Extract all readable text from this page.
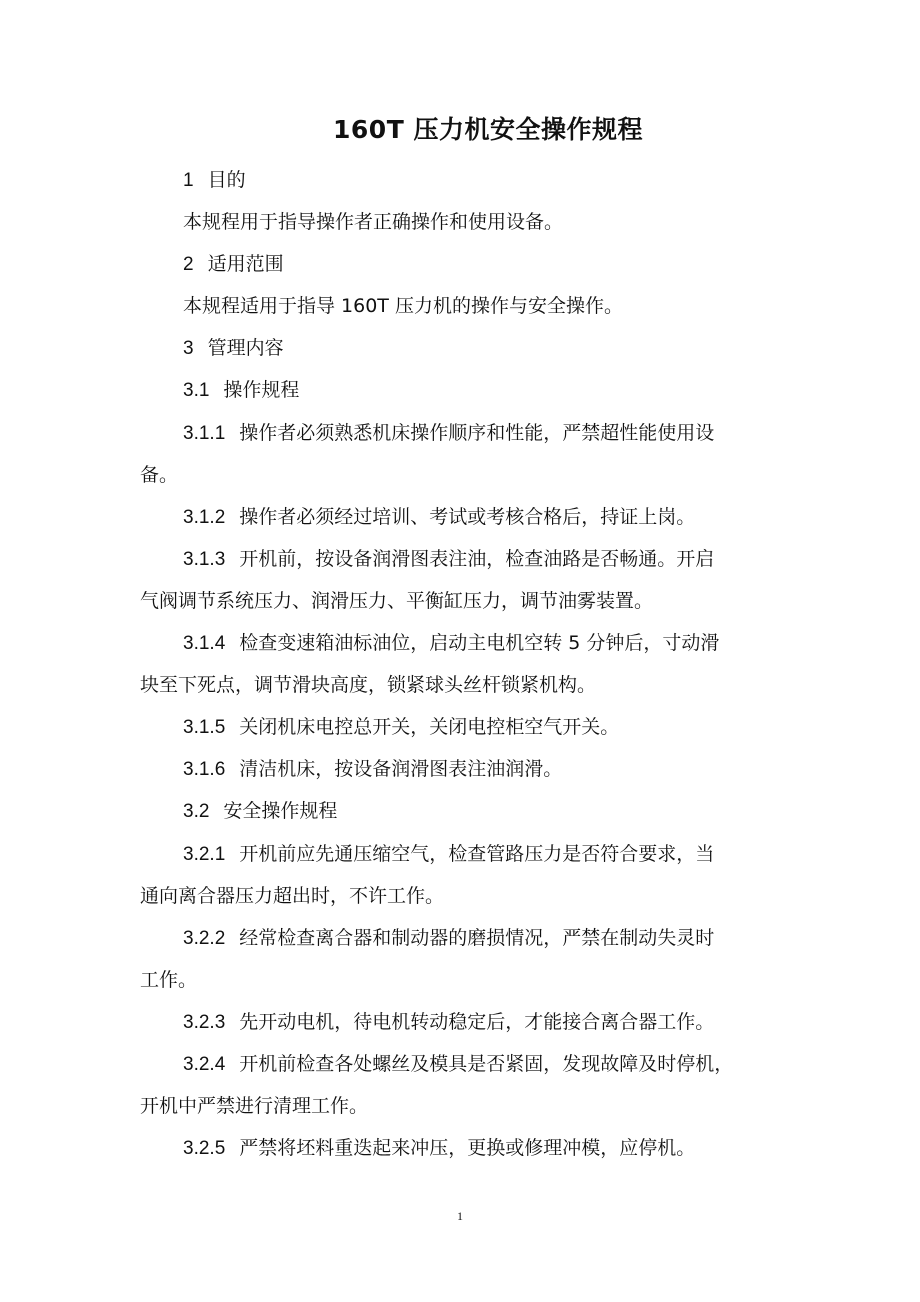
160T 压力机安全操作规程
1 目的
本规程用于指导操作者正确操作和使用设备。
2 适用范围
本规程适用于指导 160T 压力机的操作与安全操作。
3 管理内容
3.1 操作规程
3.1.1 操作者必须熟悉机床操作顺序和性能，严禁超性能使用设
备。
3.1.2 操作者必须经过培训、考试或考核合格后，持证上岗。
3.1.3 开机前，按设备润滑图表注油，检查油路是否畅通。开启
气阀调节系统压力、润滑压力、平衡缸压力，调节油雾装置。
3.1.4 检查变速箱油标油位，启动主电机空转 5 分钟后，寸动滑
块至下死点，调节滑块高度，锁紧球头丝杆锁紧机构。
3.1.5 关闭机床电控总开关，关闭电控柜空气开关。
3.1.6 清洁机床，按设备润滑图表注油润滑。
3.2 安全操作规程
3.2.1 开机前应先通压缩空气，检查管路压力是否符合要求，当
通向离合器压力超出时，不许工作。
3.2.2 经常检查离合器和制动器的磨损情况，严禁在制动失灵时
工作。
3.2.3 先开动电机，待电机转动稳定后，才能接合离合器工作。
3.2.4 开机前检查各处螺丝及模具是否紧固，发现故障及时停机，
开机中严禁进行清理工作。
3.2.5 严禁将坯料重迭起来冲压，更换或修理冲模，应停机。
1
